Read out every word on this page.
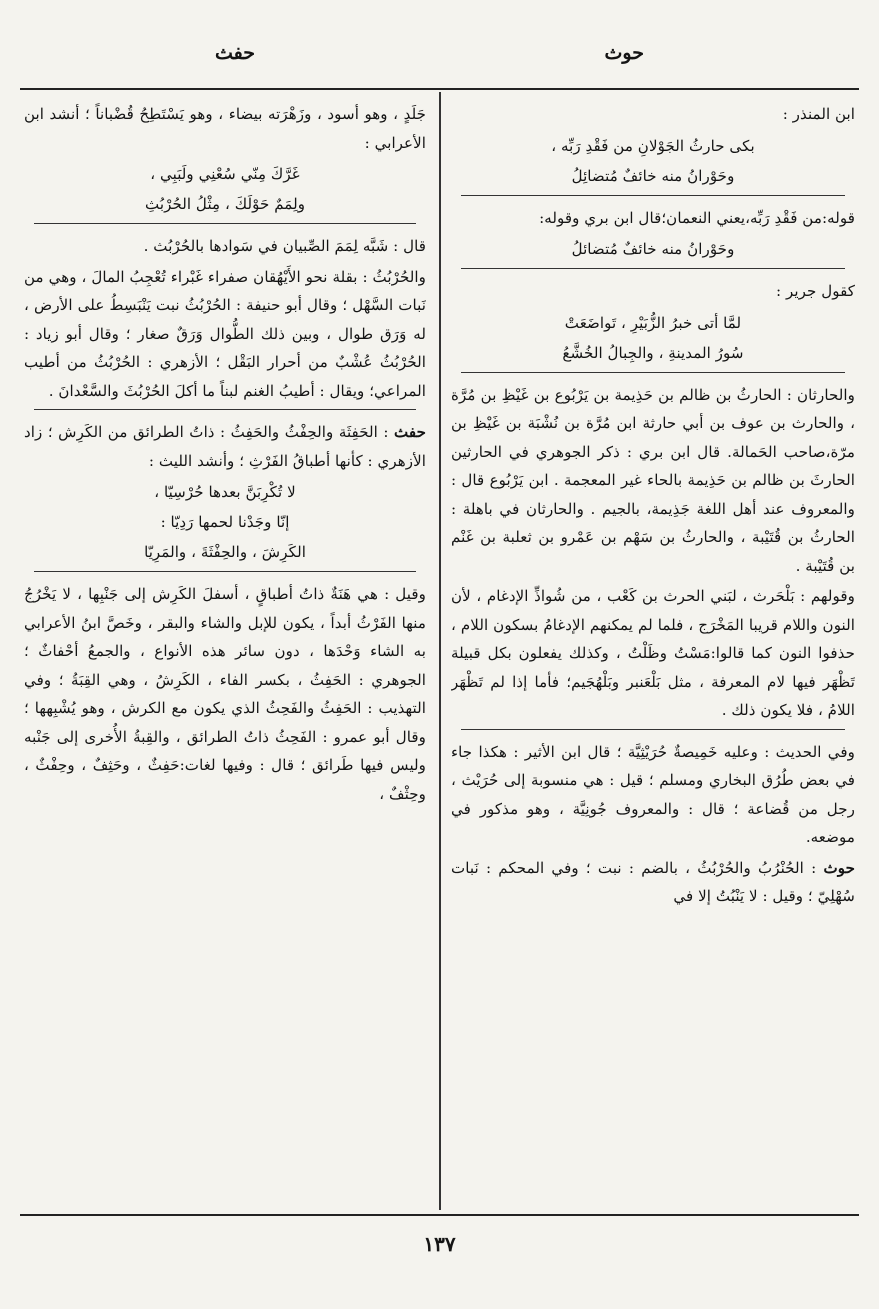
حوث
حفث

ابن المنذر :

بكى حارثُ الجَوْلانِ من فَقْدِ رَبِّه ،
وحَوْرانُ منه خائفٌ مُتضائِلُ

قوله:من فَقْدِ رَبِّه،يعني النعمان؛قال ابن بري وقوله:

وحَوْرانُ منه خائفٌ مُتضائلُ

كقول جرير :

لمَّا أتى خبرُ الزُّبَيْرِ ، تَواضَعَتْ
سُورُ المدينةِ ، والجِبالُ الخُشَّعُ

والحارثان : الحارثُ بن ظالم بن حَذِيمة بن يَرْبُوع بن غَيْظِ بن مُرَّة ، والحارث بن عوف بن أبي حارثة ابن مُرَّة بن نُشْبَة بن غَيْظِ بن مرّة،صاحب الحَمالة. قال ابن بري : ذكر الجوهري في الحارثين الحارثَ بن ظالم بن حَذِيمة بالحاء غير المعجمة . ابن يَرْبُوع قال : والمعروف عند أهل اللغة جَذِيمة، بالجيم . والحارثان في باهلة : الحارثُ بن قُتَيْبة ، والحارثُ بن سَهْم بن عَمْرو بن ثعلبة بن غَنْم بن قُتَيْبة .

وقولهم : بَلْحَرث ، لبَني الحرث بن كَعْب ، من شُواذِّ الإدغام ، لأن النون واللام قريبا المَخْرَج ، فلما لم يمكنهم الإدغامُ بسكون اللام ، حذفوا النون كما قالوا:مَسْتُ وظَلْتُ ، وكذلك يفعلون بكل قبيلة تَظْهَر فيها لام المعرفة ، مثل بَلْعَنبر وبَلْهُجَيم؛ فأما إذا لم تَظْهَر اللامُ ، فلا يكون ذلك .

وفي الحديث : وعليه خَمِيصةٌ حُرَيْثِيَّة ؛ قال ابن الأثير : هكذا جاء في بعض طُرُق البخاري ومسلم ؛ قيل : هي منسوبة إلى حُرَيْث ، رجل من قُضاعة ؛ قال : والمعروف جُونِيَّة ، وهو مذكور في موضعه.

حوث : الحُنْرُبُ والحُرْبُثُ ، بالضم : نبت ؛ وفي المحكم : نَبات سُهْلِيّ ؛ وقيل : لا يَنْبُتُ إلا في

جَلَدٍ ، وهو أسود ، وزَهْرَته بيضاء ، وهو يَسْتَطِحُ قُضْباناً ؛ أنشد ابن الأعرابي :

غَرَّكَ مِنّي سُعْنِي ولَبَبِي ،
ولِمَمٌ حَوْلَكَ ، مِثْلُ الحُرْبُثِ

قال : شَبَّه لِمَمَ الصِّبيان في سَوادها بالحُرْبُث .

والحُرْبُثُ : بقلة نحو الأَيْهُقان صفراء غَبْراء تُعْجِبُ المالَ ، وهي من نَبات السَّهْل ؛ وقال أبو حنيفة : الحُرْبُثُ نبت يَنْبَسِطُ على الأرض ، له وَرَق طوال ، وبين ذلك الطُّوال وَرَقٌ صغار ؛ وقال أبو زياد : الحُرْبُثُ عُشْبٌ من أحرار البَقْل ؛ الأزهري : الحُرْبُثُ من أطيب المراعي؛ ويقال : أطيبُ الغنم لبناً ما أكلَ الحُرْبُثَ والسَّعْدانَ .

حفث : الحَفِثَة والحِفْثُ والحَفِثُ : ذاتُ الطرائق من الكَرِش ؛ زاد الأزهري : كأنها أطباقُ الفَرْثِ ؛ وأنشد الليث :

لا تُكْرِبَنَّ بعدها حُرْسِيّا ،
إنّا وجَدْنا لحمها رَدِيّا :
الكَرِشَ ، والحِفْثَةَ ، والمَرِيّا

وقيل : هي هَنَةٌ ذاتُ أطباقٍ ، أسفلَ الكَرِش إلى جَنْبِها ، لا يَخْرُجُ منها الفَرْثُ أبداً ، يكون للإبل والشاء والبقر ، وخَصَّ ابنُ الأعرابي به الشاء وَحْدَها ، دون سائر هذه الأنواع ، والجمعُ أحْفاثٌ ؛ الجوهري : الحَفِثُ ، بكسر الفاء ، الكَرِشُ ، وهي القِبَةُ ؛ وفي التهذيب : الحَفِثُ والفَحِثُ الذي يكون مع الكرش ، وهو يُشْبِهها ؛ وقال أبو عمرو : الفَحِثُ ذاتُ الطرائق ، والقِبةُ الأُخرى إلى جَنْبه وليس فيها طَرائق ؛ قال : وفيها لغات:حَفِثٌ ، وحَثِفٌ ، وحِفْثٌ ، وحِثْفٌ ،

١٣٧
